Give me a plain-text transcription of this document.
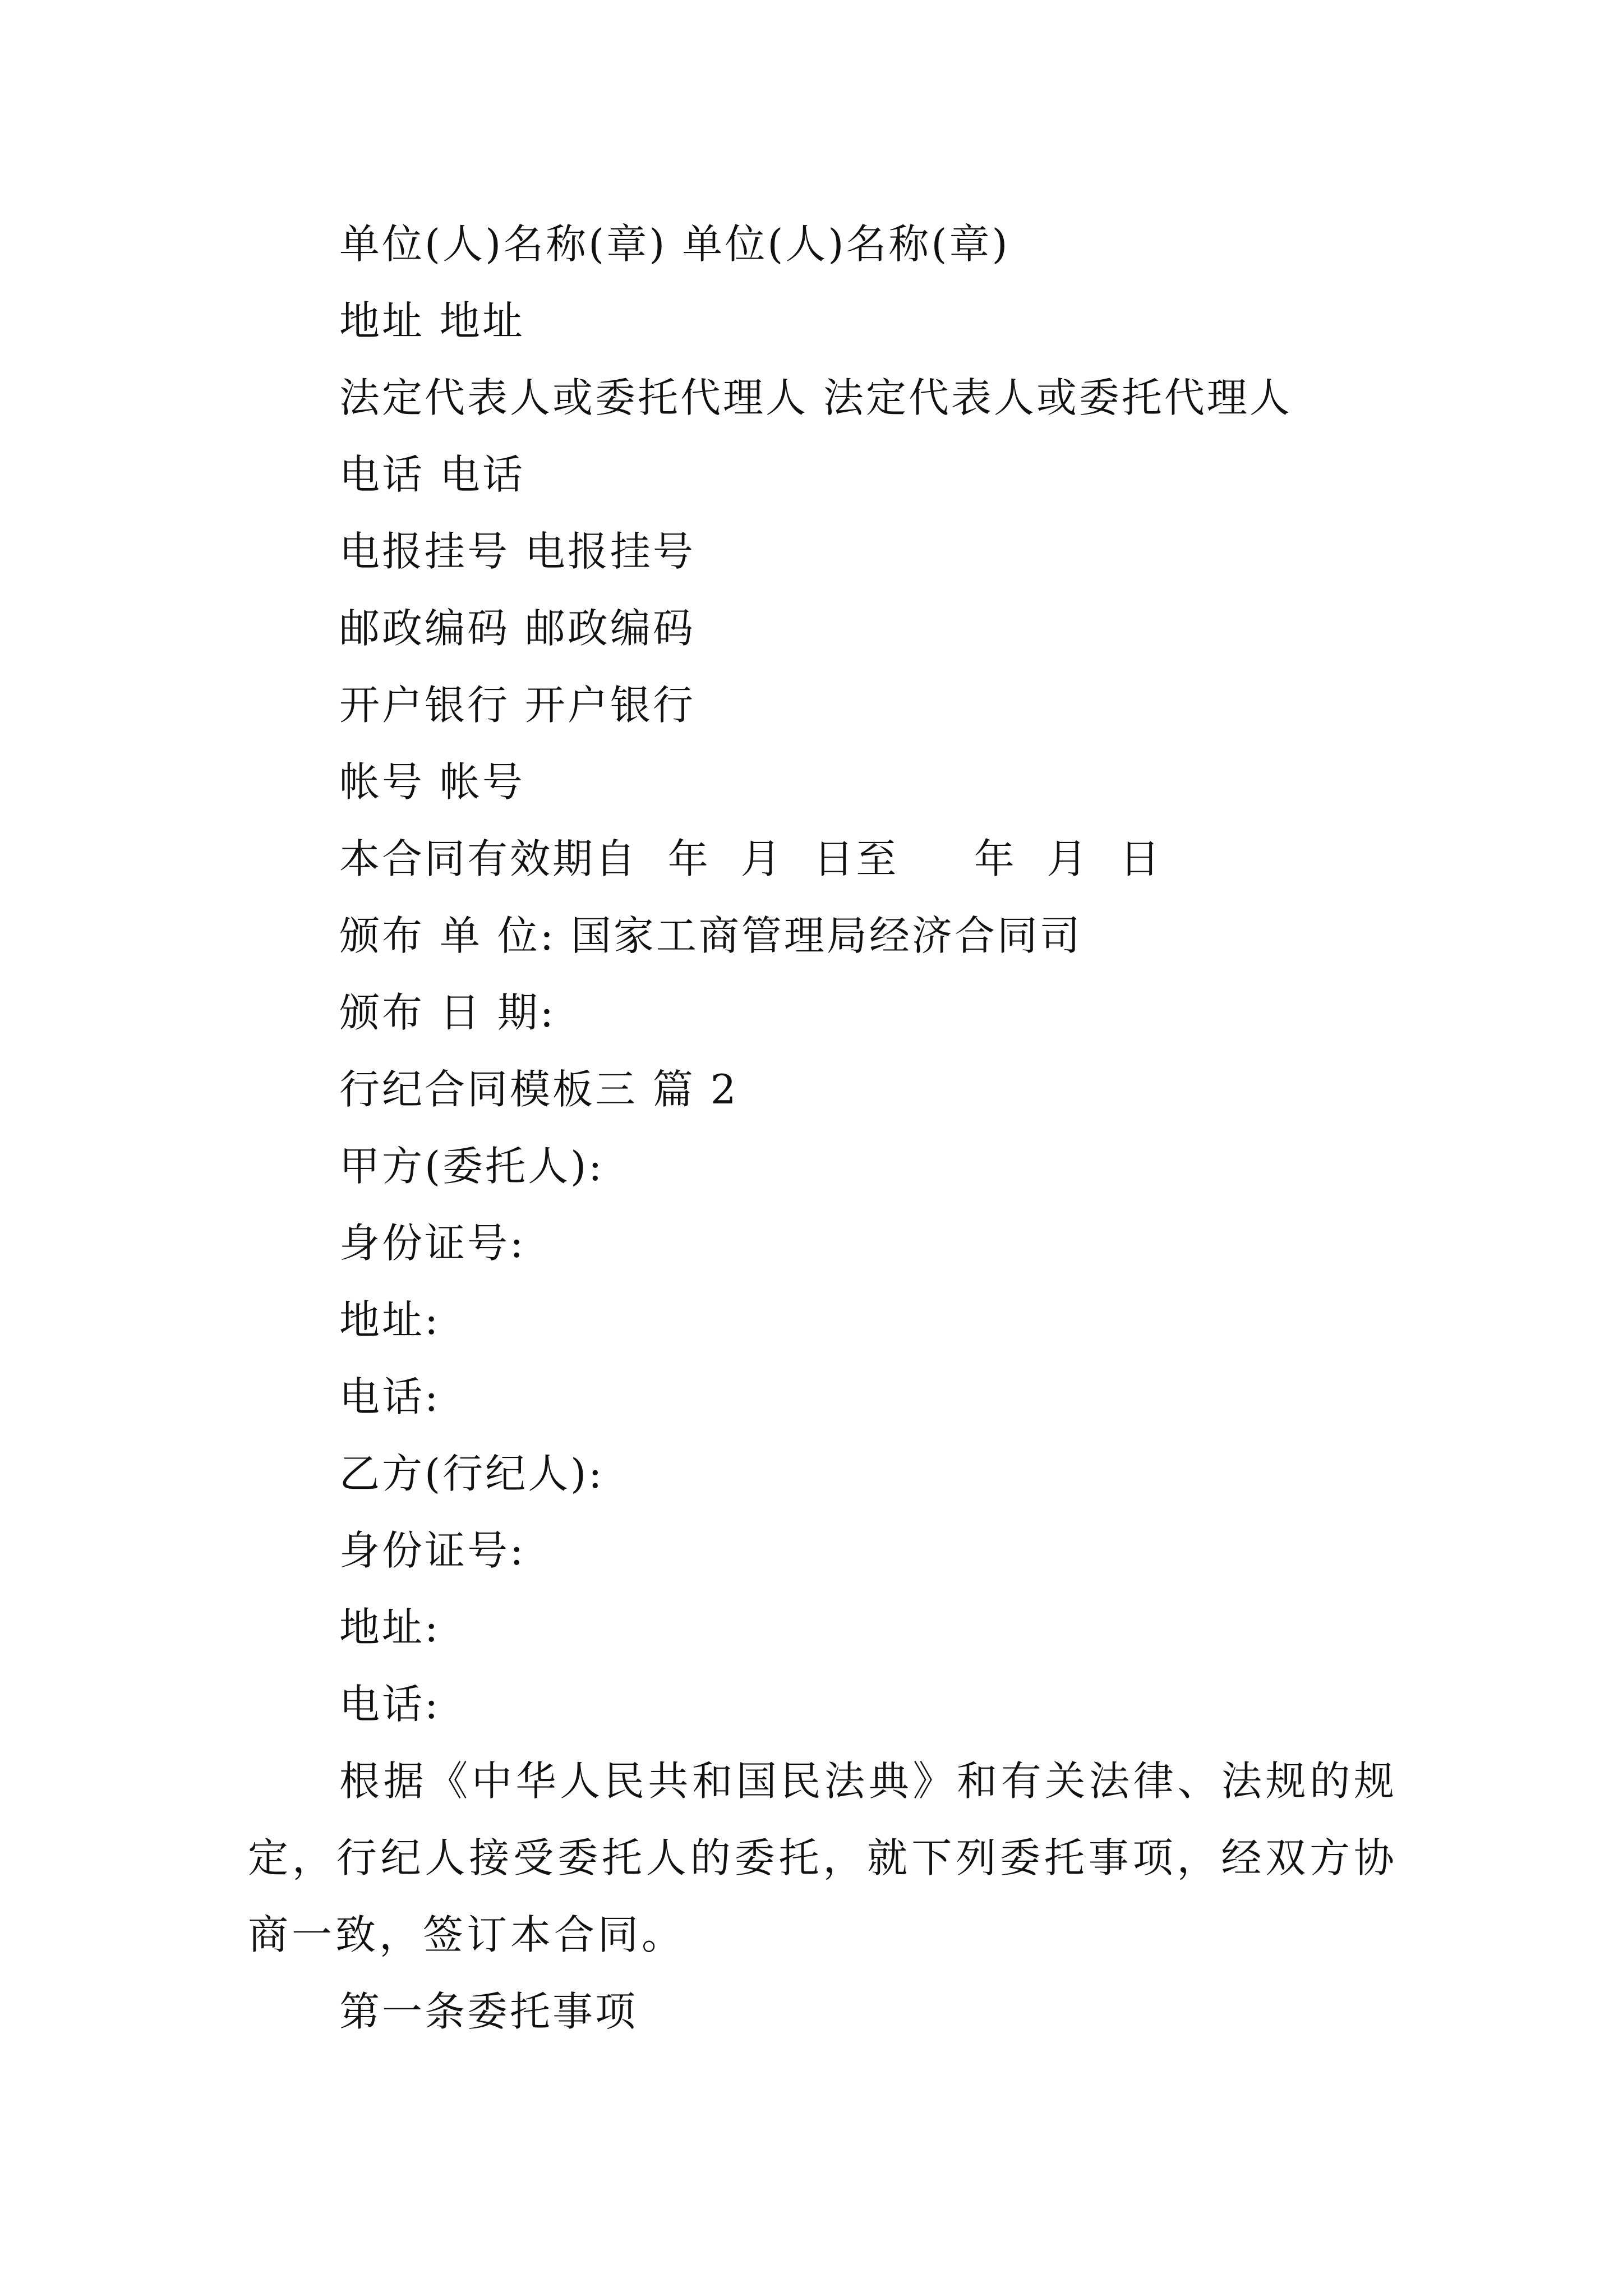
单位(人)名称(章) 单位(人)名称(章)
地址 地址
法定代表人或委托代理人 法定代表人或委托代理人
电话 电话
电报挂号 电报挂号
邮政编码 邮政编码
开户银行 开户银行
帐号 帐号
本合同有效期自  年  月  日至     年  月  日
颁布 单 位: 国家工商管理局经济合同司
颁布 日 期:
行纪合同模板三 篇 2
甲方(委托人):
身份证号:
地址:
电话:
乙方(行纪人):
身份证号:
地址:
电话:
根据《中华人民共和国民法典》和有关法律、法规的规定，行纪人接受委托人的委托，就下列委托事项，经双方协商一致，签订本合同。
第一条委托事项
